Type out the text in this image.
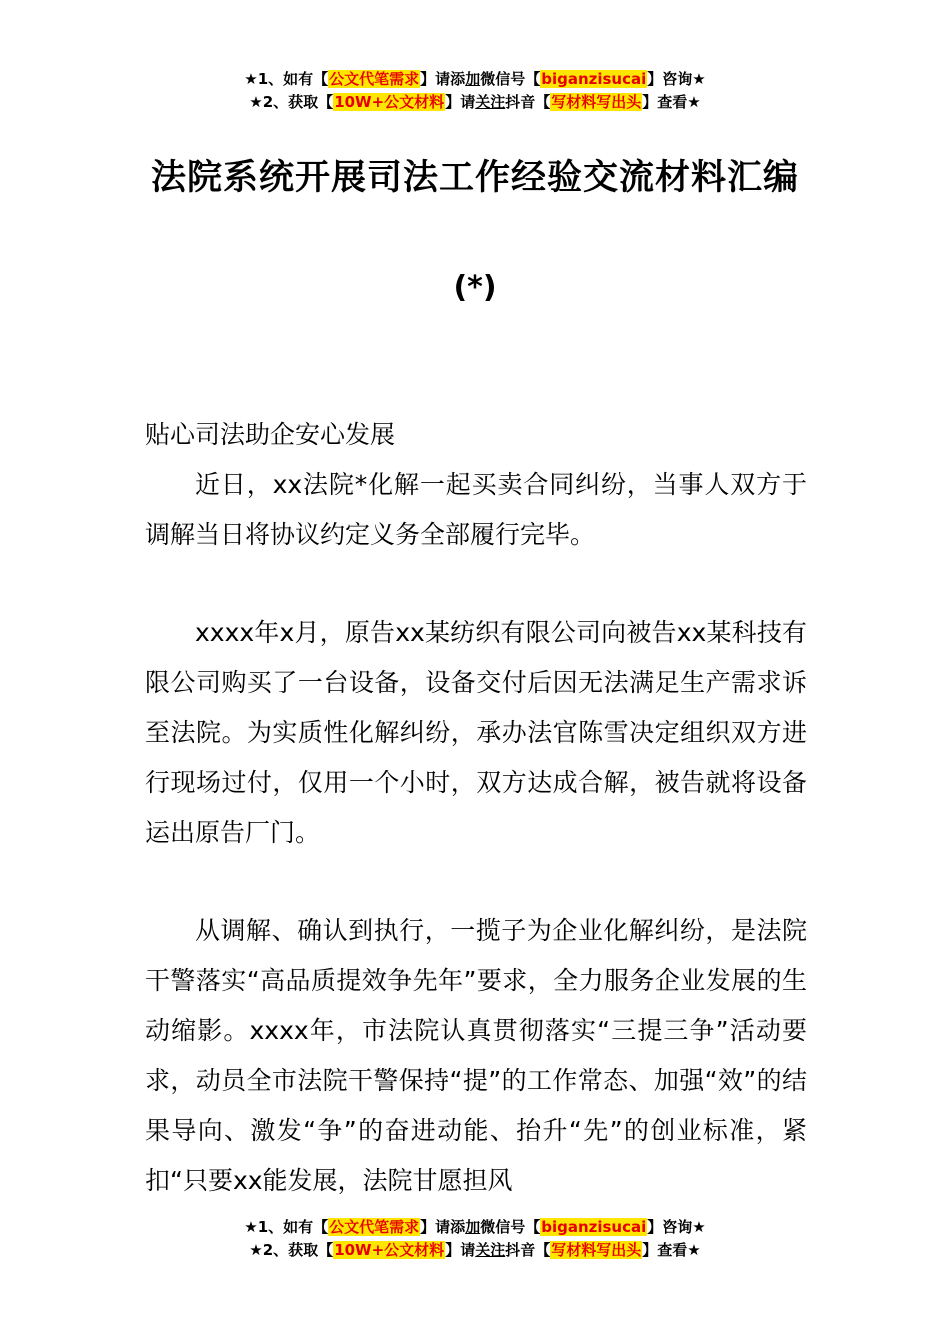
★1、如有【公文代笔需求】请添加微信号【biganzisucai】咨询★
★2、获取【10W+公文材料】请关注抖音【写材料写出头】查看★
法院系统开展司法工作经验交流材料汇编
(*)
贴心司法助企安心发展

近日，xx法院*化解一起买卖合同纠纷，当事人双方于调解当日将协议约定义务全部履行完毕。

xxxx年x月，原告xx某纺织有限公司向被告xx某科技有限公司购买了一台设备，设备交付后因无法满足生产需求诉至法院。为实质性化解纠纷，承办法官陈雪决定组织双方进行现场过付，仅用一个小时，双方达成合解，被告就将设备运出原告厂门。

从调解、确认到执行，一揽子为企业化解纠纷，是法院干警落实“高品质提效争先年”要求，全力服务企业发展的生动缩影。xxxx年，市法院认真贯彻落实“三提三争”活动要求，动员全市法院干警保持“提”的工作常态、加强“效”的结果导向、激发“争”的奋进动能、抬升“先”的创业标准，紧扣“只要xx能发展，法院甘愿担风

★1、如有【公文代笔需求】请添加微信号【biganzisucai】咨询★
★2、获取【10W+公文材料】请关注抖音【写材料写出头】查看★
